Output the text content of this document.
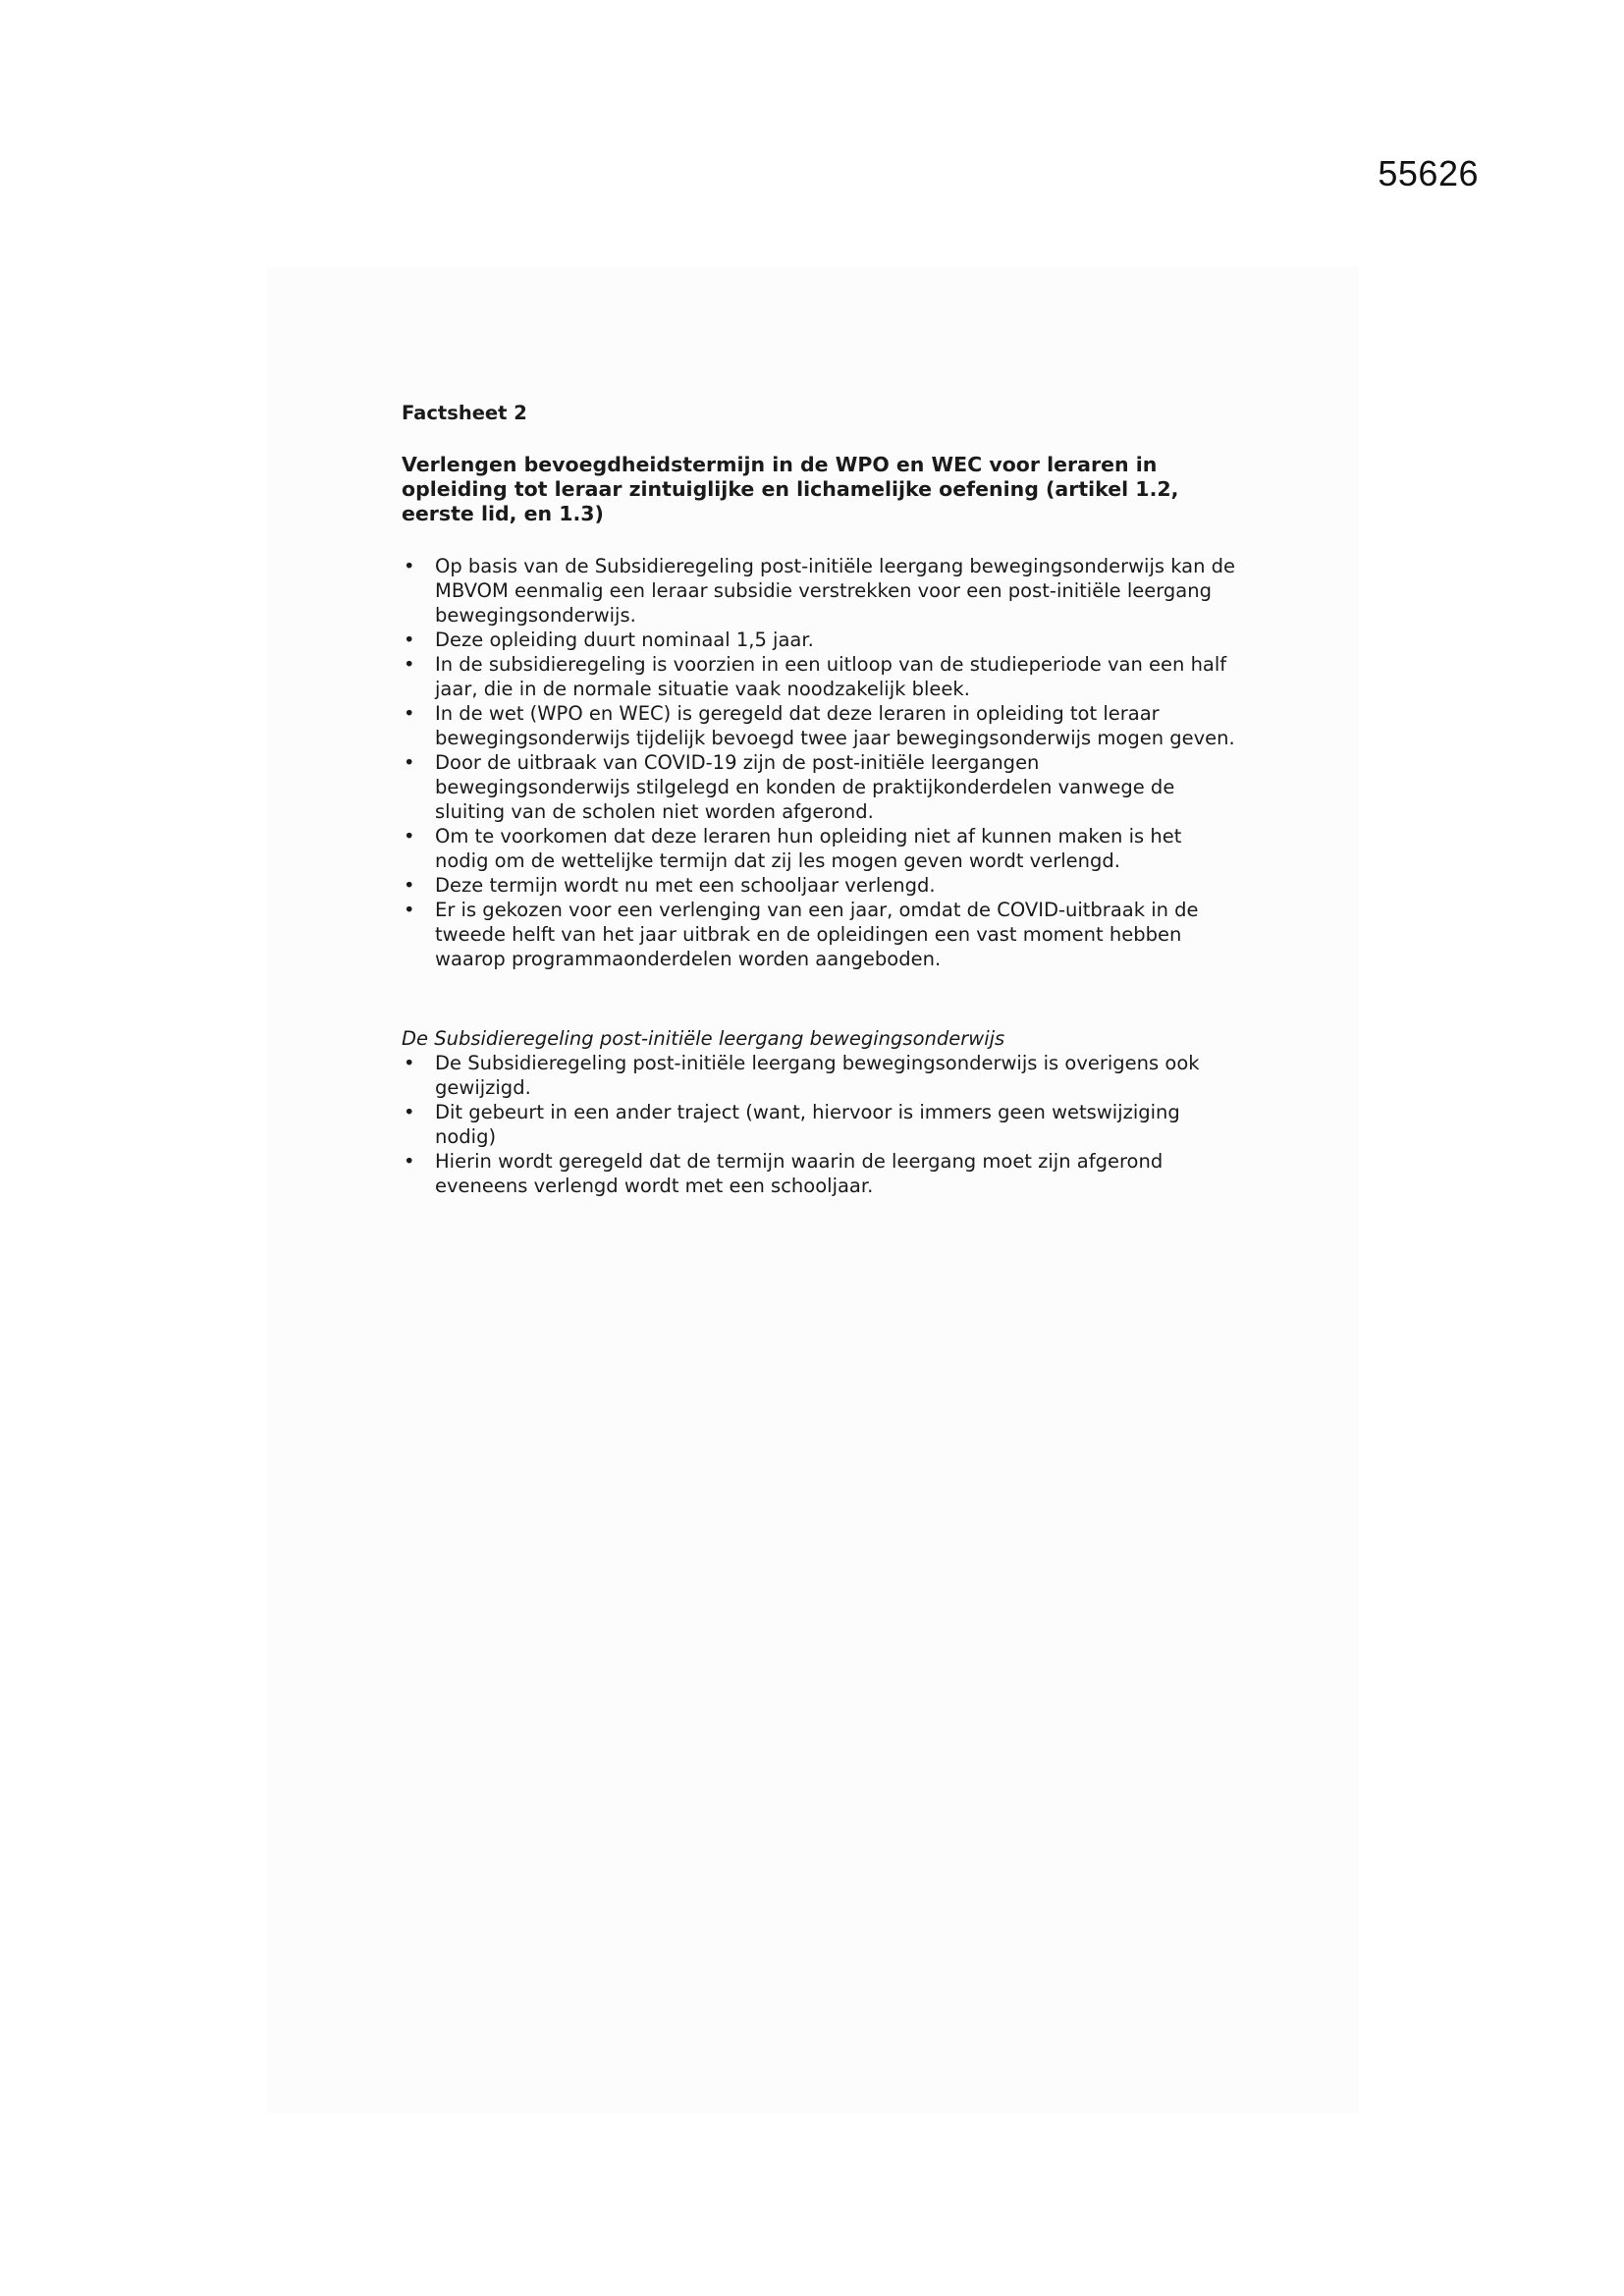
55626
Factsheet 2
Verlengen bevoegdheidstermijn in de WPO en WEC voor leraren in opleiding tot leraar zintuiglijke en lichamelijke oefening (artikel 1.2, eerste lid, en 1.3)
• Op basis van de Subsidieregeling post-initiële leergang bewegingsonderwijs kan de MBVOM eenmalig een leraar subsidie verstrekken voor een post-initiële leergang bewegingsonderwijs.
• Deze opleiding duurt nominaal 1,5 jaar.
• In de subsidieregeling is voorzien in een uitloop van de studieperiode van een half jaar, die in de normale situatie vaak noodzakelijk bleek.
• In de wet (WPO en WEC) is geregeld dat deze leraren in opleiding tot leraar bewegingsonderwijs tijdelijk bevoegd twee jaar bewegingsonderwijs mogen geven.
• Door de uitbraak van COVID-19 zijn de post-initiële leergangen bewegingsonderwijs stilgelegd en konden de praktijkonderdelen vanwege de sluiting van de scholen niet worden afgerond.
• Om te voorkomen dat deze leraren hun opleiding niet af kunnen maken is het nodig om de wettelijke termijn dat zij les mogen geven wordt verlengd.
• Deze termijn wordt nu met een schooljaar verlengd.
• Er is gekozen voor een verlenging van een jaar, omdat de COVID-uitbraak in de tweede helft van het jaar uitbrak en de opleidingen een vast moment hebben waarop programmaonderdelen worden aangeboden.
De Subsidieregeling post-initiële leergang bewegingsonderwijs
• De Subsidieregeling post-initiële leergang bewegingsonderwijs is overigens ook gewijzigd.
• Dit gebeurt in een ander traject (want, hiervoor is immers geen wetswijziging nodig)
• Hierin wordt geregeld dat de termijn waarin de leergang moet zijn afgerond eveneens verlengd wordt met een schooljaar.
